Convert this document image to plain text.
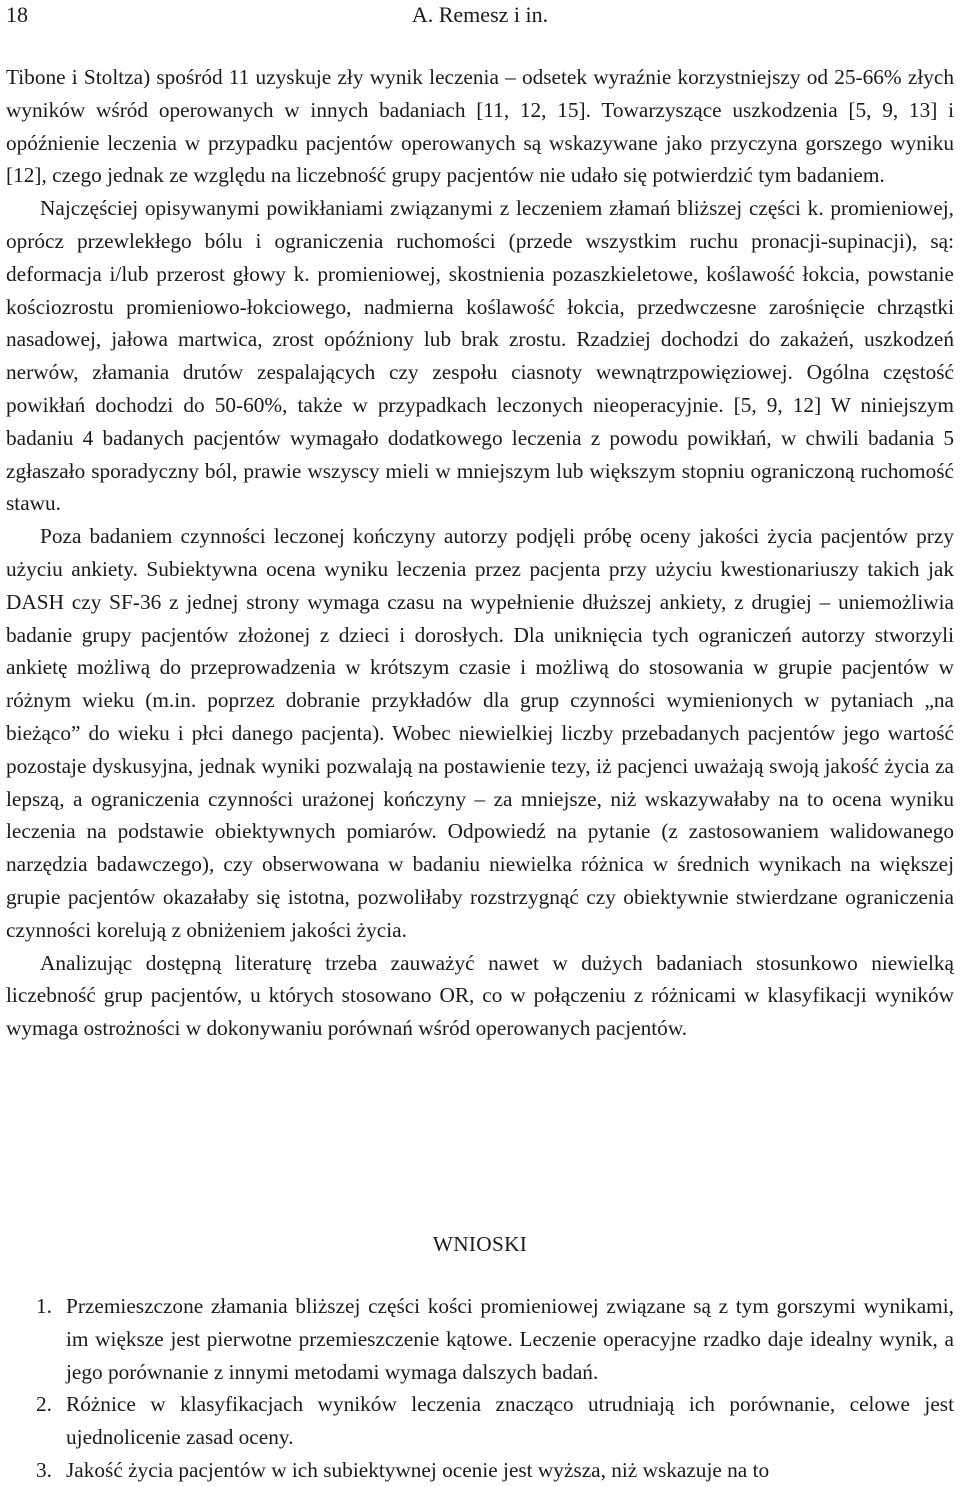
18	A. Remesz i in.

Tibone i Stoltza) spośród 11 uzyskuje zły wynik leczenia – odsetek wyraźnie korzystniejszy od 25-66% złych wyników wśród operowanych w innych badaniach [11, 12, 15]. Towarzyszące uszkodzenia [5, 9, 13] i opóźnienie leczenia w przypadku pacjentów operowanych są wskazywane jako przyczyna gorszego wyniku [12], czego jednak ze względu na liczebność grupy pacjentów nie udało się potwierdzić tym badaniem.

Najczęściej opisywanymi powikłaniami związanymi z leczeniem złamań bliższej części k. promieniowej, oprócz przewlekłego bólu i ograniczenia ruchomości (przede wszystkim ruchu pronacji-supinacji), są: deformacja i/lub przerost głowy k. promieniowej, skostnienia pozaszkieletowe, koślawość łokcia, powstanie kościozrostu promieniowo-łokciowego, nadmierna koślawość łokcia, przedwczesne zarośnięcie chrząstki nasadowej, jałowa martwica, zrost opóźniony lub brak zrostu. Rzadziej dochodzi do zakażeń, uszkodzeń nerwów, złamania drutów zespalających czy zespołu ciasnoty wewnątrzpowięziowej. Ogólna częstość powikłań dochodzi do 50-60%, także w przypadkach leczonych nieoperacyjnie. [5, 9, 12] W niniejszym badaniu 4 badanych pacjentów wymagało dodatkowego leczenia z powodu powikłań, w chwili badania 5 zgłaszało sporadyczny ból, prawie wszyscy mieli w mniejszym lub większym stopniu ograniczoną ruchomość stawu.

Poza badaniem czynności leczonej kończyny autorzy podjęli próbę oceny jakości życia pacjentów przy użyciu ankiety. Subiektywna ocena wyniku leczenia przez pacjenta przy użyciu kwestionariuszy takich jak DASH czy SF-36 z jednej strony wymaga czasu na wypełnienie dłuższej ankiety, z drugiej – uniemożliwia badanie grupy pacjentów złożonej z dzieci i dorosłych. Dla uniknięcia tych ograniczeń autorzy stworzyli ankietę możliwą do przeprowadzenia w krótszym czasie i możliwą do stosowania w grupie pacjentów w różnym wieku (m.in. poprzez dobranie przykładów dla grup czynności wymienionych w pytaniach „na bieżąco” do wieku i płci danego pacjenta). Wobec niewielkiej liczby przebadanych pacjentów jego wartość pozostaje dyskusyjna, jednak wyniki pozwalają na postawienie tezy, iż pacjenci uważają swoją jakość życia za lepszą, a ograniczenia czynności urażonej kończyny – za mniejsze, niż wskazywałaby na to ocena wyniku leczenia na podstawie obiektywnych pomiarów. Odpowiedź na pytanie (z zastosowaniem walidowanego narzędzia badawczego), czy obserwowana w badaniu niewielka różnica w średnich wynikach na większej grupie pacjentów okazałaby się istotna, pozwoliłaby rozstrzygnąć czy obiektywnie stwierdzane ograniczenia czynności korelują z obniżeniem jakości życia.

Analizując dostępną literaturę trzeba zauważyć nawet w dużych badaniach stosunkowo niewielką liczebność grup pacjentów, u których stosowano OR, co w połączeniu z różnicami w klasyfikacji wyników wymaga ostrożności w dokonywaniu porównań wśród operowanych pacjentów.

WNIOSKI
1. Przemieszczone złamania bliższej części kości promieniowej związane są z tym gorszymi wynikami, im większe jest pierwotne przemieszczenie kątowe. Leczenie operacyjne rzadko daje idealny wynik, a jego porównanie z innymi metodami wymaga dalszych badań.
2. Różnice w klasyfikacjach wyników leczenia znacząco utrudniają ich porównanie, celowe jest ujednolicenie zasad oceny.
3. Jakość życia pacjentów w ich subiektywnej ocenie jest wyższa, niż wskazuje na to
